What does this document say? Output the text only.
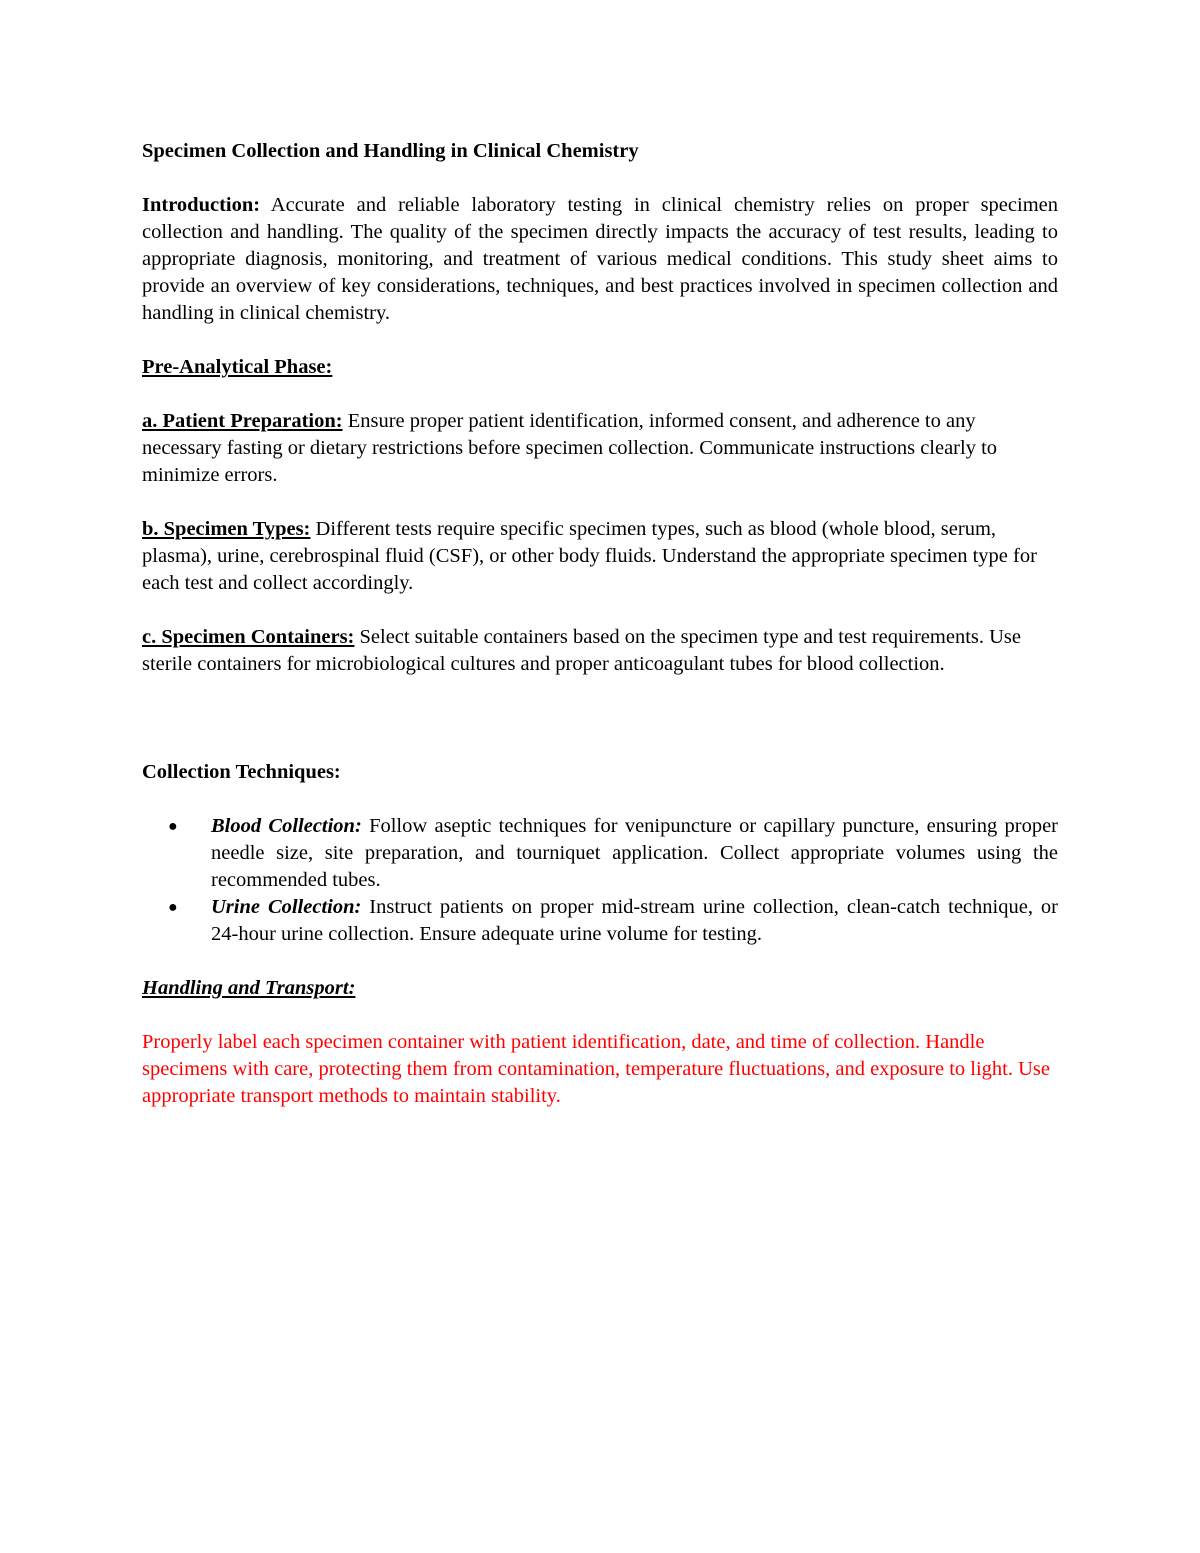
Specimen Collection and Handling in Clinical Chemistry

Introduction: Accurate and reliable laboratory testing in clinical chemistry relies on proper specimen collection and handling. The quality of the specimen directly impacts the accuracy of test results, leading to appropriate diagnosis, monitoring, and treatment of various medical conditions. This study sheet aims to provide an overview of key considerations, techniques, and best practices involved in specimen collection and handling in clinical chemistry.

Pre-Analytical Phase:

a. Patient Preparation: Ensure proper patient identification, informed consent, and adherence to any necessary fasting or dietary restrictions before specimen collection. Communicate instructions clearly to minimize errors.

b. Specimen Types: Different tests require specific specimen types, such as blood (whole blood, serum, plasma), urine, cerebrospinal fluid (CSF), or other body fluids. Understand the appropriate specimen type for each test and collect accordingly.

c. Specimen Containers: Select suitable containers based on the specimen type and test requirements. Use sterile containers for microbiological cultures and proper anticoagulant tubes for blood collection.

Collection Techniques:

● Blood Collection: Follow aseptic techniques for venipuncture or capillary puncture, ensuring proper needle size, site preparation, and tourniquet application. Collect appropriate volumes using the recommended tubes.
● Urine Collection: Instruct patients on proper mid-stream urine collection, clean-catch technique, or 24-hour urine collection. Ensure adequate urine volume for testing.

Handling and Transport:

Properly label each specimen container with patient identification, date, and time of collection. Handle specimens with care, protecting them from contamination, temperature fluctuations, and exposure to light. Use appropriate transport methods to maintain stability.
